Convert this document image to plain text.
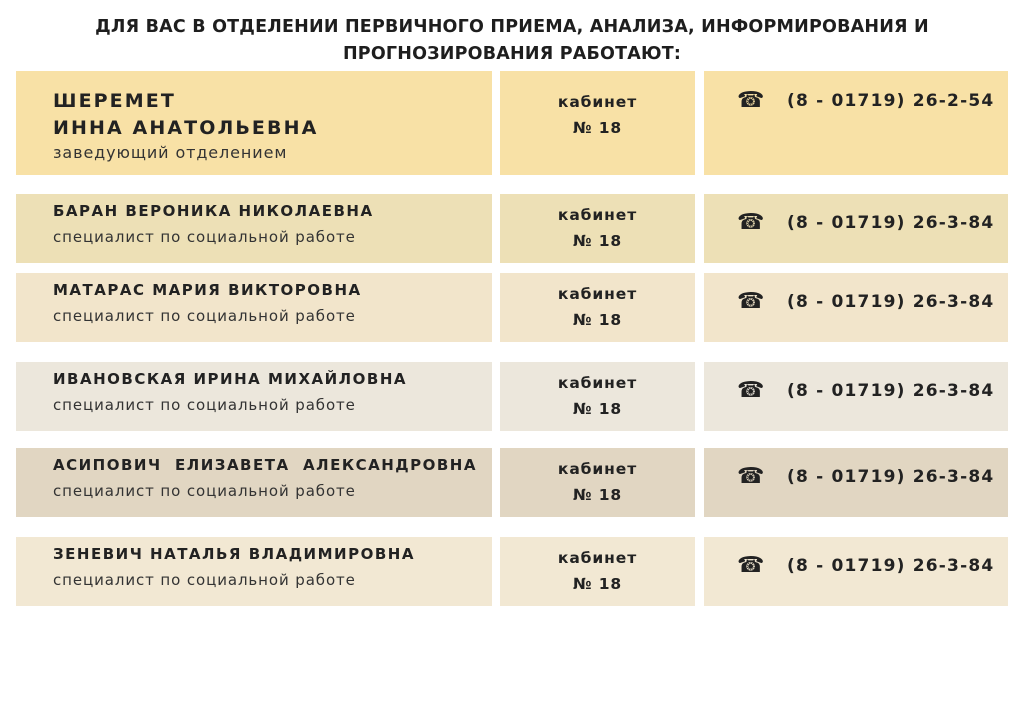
ДЛЯ ВАС В ОТДЕЛЕНИИ ПЕРВИЧНОГО ПРИЕМА, АНАЛИЗА, ИНФОРМИРОВАНИЯ И
ПРОГНОЗИРОВАНИЯ РАБОТАЮТ:
ШЕРЕМЕТ
ИННА АНАТОЛЬЕВНА
заведующий отделением
кабинет
№ 18
☎ (8 - 01719) 26-2-54
БАРАН ВЕРОНИКА НИКОЛАЕВНА
специалист по социальной работе
кабинет
№ 18
☎ (8 - 01719) 26-3-84
МАТАРАС МАРИЯ ВИКТОРОВНА
специалист по социальной работе
кабинет
№ 18
☎ (8 - 01719) 26-3-84
ИВАНОВСКАЯ ИРИНА МИХАЙЛОВНА
специалист по социальной работе
кабинет
№ 18
☎ (8 - 01719) 26-3-84
АСИПОВИЧ  ЕЛИЗАВЕТА  АЛЕКСАНДРОВНА
специалист по социальной работе
кабинет
№ 18
☎ (8 - 01719) 26-3-84
ЗЕНЕВИЧ НАТАЛЬЯ ВЛАДИМИРОВНА
специалист по социальной работе
кабинет
№ 18
☎ (8 - 01719) 26-3-84
